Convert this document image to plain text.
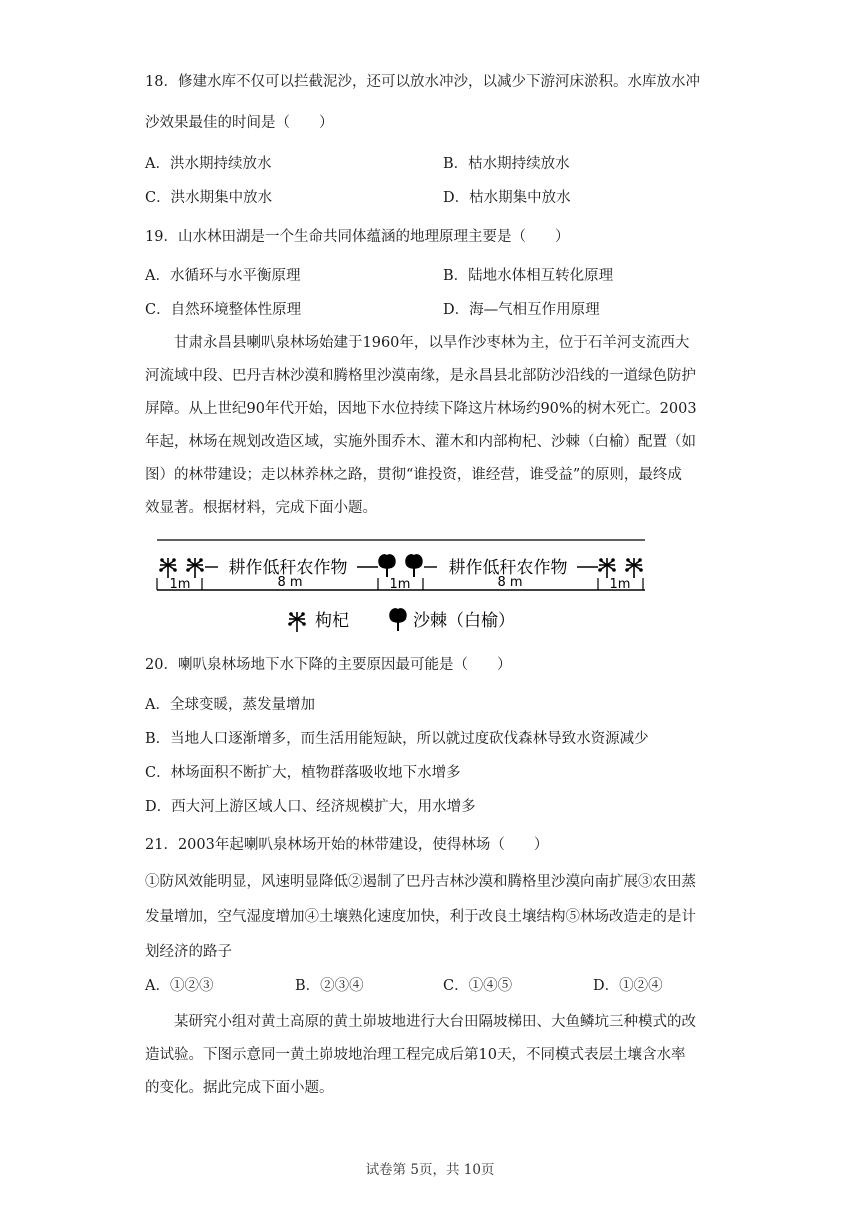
18．修建水库不仅可以拦截泥沙，还可以放水冲沙，以减少下游河床淤积。水库放水冲
沙效果最佳的时间是（　　）
A．洪水期持续放水	B．枯水期持续放水
C．洪水期集中放水	D．枯水期集中放水
19．山水林田湖是一个生命共同体蕴涵的地理原理主要是（　　）
A．水循环与水平衡原理	B．陆地水体相互转化原理
C．自然环境整体性原理	D．海—气相互作用原理
　　甘肃永昌县喇叭泉林场始建于1960年，以旱作沙枣林为主，位于石羊河支流西大
河流域中段、巴丹吉林沙漠和腾格里沙漠南缘，是永昌县北部防沙沿线的一道绿色防护
屏障。从上世纪90年代开始，因地下水位持续下降这片林场约90%的树木死亡。2003
年起，林场在规划改造区域，实施外围乔木、灌木和内部枸杞、沙棘（白榆）配置（如
图）的林带建设；走以林养林之路，贯彻“谁投资，谁经营，谁受益”的原则，最终成
效显著。根据材料，完成下面小题。
耕作低秆农作物	耕作低秆农作物
1m	8 m	1m	8 m	1m
枸杞	沙棘（白榆）
20．喇叭泉林场地下水下降的主要原因最可能是（　　）
A．全球变暖，蒸发量增加
B．当地人口逐渐增多，而生活用能短缺，所以就过度砍伐森林导致水资源减少
C．林场面积不断扩大，植物群落吸收地下水增多
D．西大河上游区域人口、经济规模扩大，用水增多
21．2003年起喇叭泉林场开始的林带建设，使得林场（　　）
①防风效能明显，风速明显降低②遏制了巴丹吉林沙漠和腾格里沙漠向南扩展③农田蒸
发量增加，空气湿度增加④土壤熟化速度加快，利于改良土壤结构⑤林场改造走的是计
划经济的路子
A．①②③	B．②③④	C．①④⑤	D．①②④
　　某研究小组对黄土高原的黄土峁坡地进行大台田隔坡梯田、大鱼鳞坑三种模式的改
造试验。下图示意同一黄土峁坡地治理工程完成后第10天，不同模式表层土壤含水率
的变化。据此完成下面小题。
试卷第 5页，共 10页
